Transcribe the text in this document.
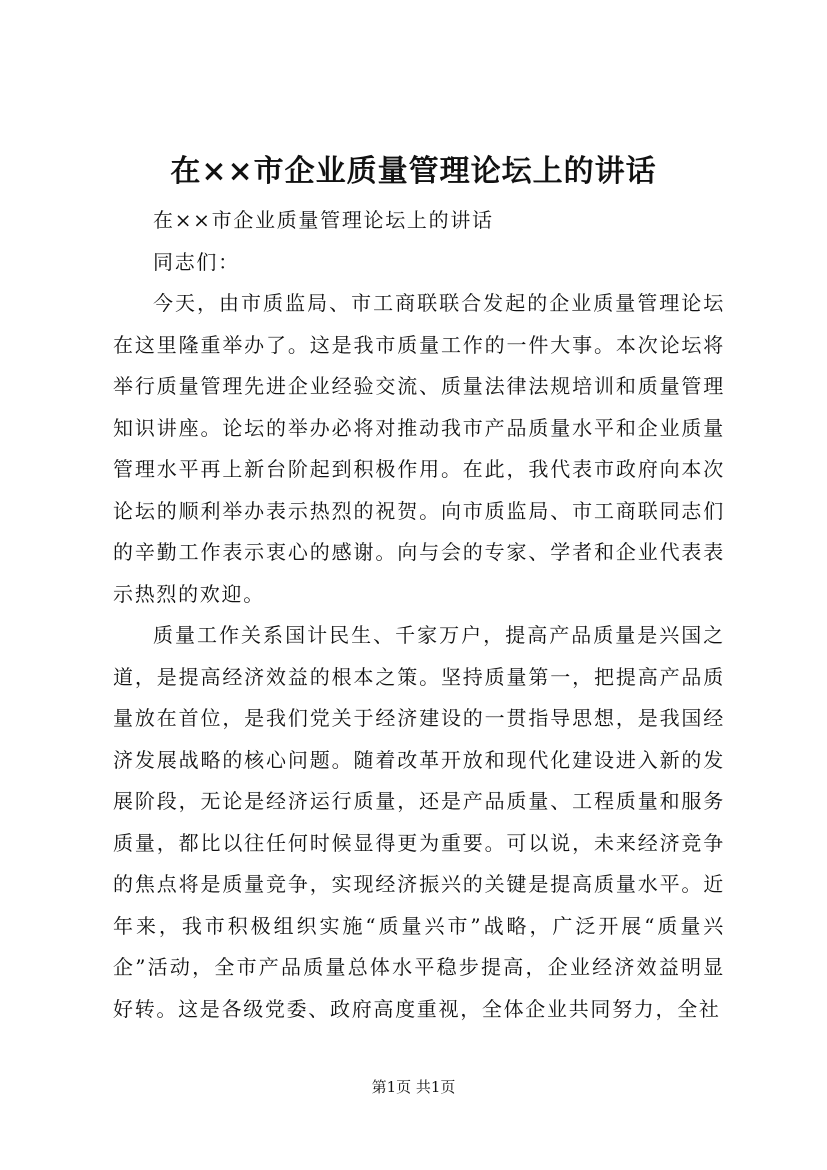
在××市企业质量管理论坛上的讲话

在××市企业质量管理论坛上的讲话

同志们：

今天，由市质监局、市工商联联合发起的企业质量管理论坛在这里隆重举办了。这是我市质量工作的一件大事。本次论坛将举行质量管理先进企业经验交流、质量法律法规培训和质量管理知识讲座。论坛的举办必将对推动我市产品质量水平和企业质量管理水平再上新台阶起到积极作用。在此，我代表市政府向本次论坛的顺利举办表示热烈的祝贺。向市质监局、市工商联同志们的辛勤工作表示衷心的感谢。向与会的专家、学者和企业代表表示热烈的欢迎。

质量工作关系国计民生、千家万户，提高产品质量是兴国之道，是提高经济效益的根本之策。坚持质量第一，把提高产品质量放在首位，是我们党关于经济建设的一贯指导思想，是我国经济发展战略的核心问题。随着改革开放和现代化建设进入新的发展阶段，无论是经济运行质量，还是产品质量、工程质量和服务质量，都比以往任何时候显得更为重要。可以说，未来经济竞争的焦点将是质量竞争，实现经济振兴的关键是提高质量水平。近年来，我市积极组织实施“质量兴市”战略，广泛开展“质量兴企”活动，全市产品质量总体水平稳步提高，企业经济效益明显好转。这是各级党委、政府高度重视，全体企业共同努力，全社

第1页 共1页
